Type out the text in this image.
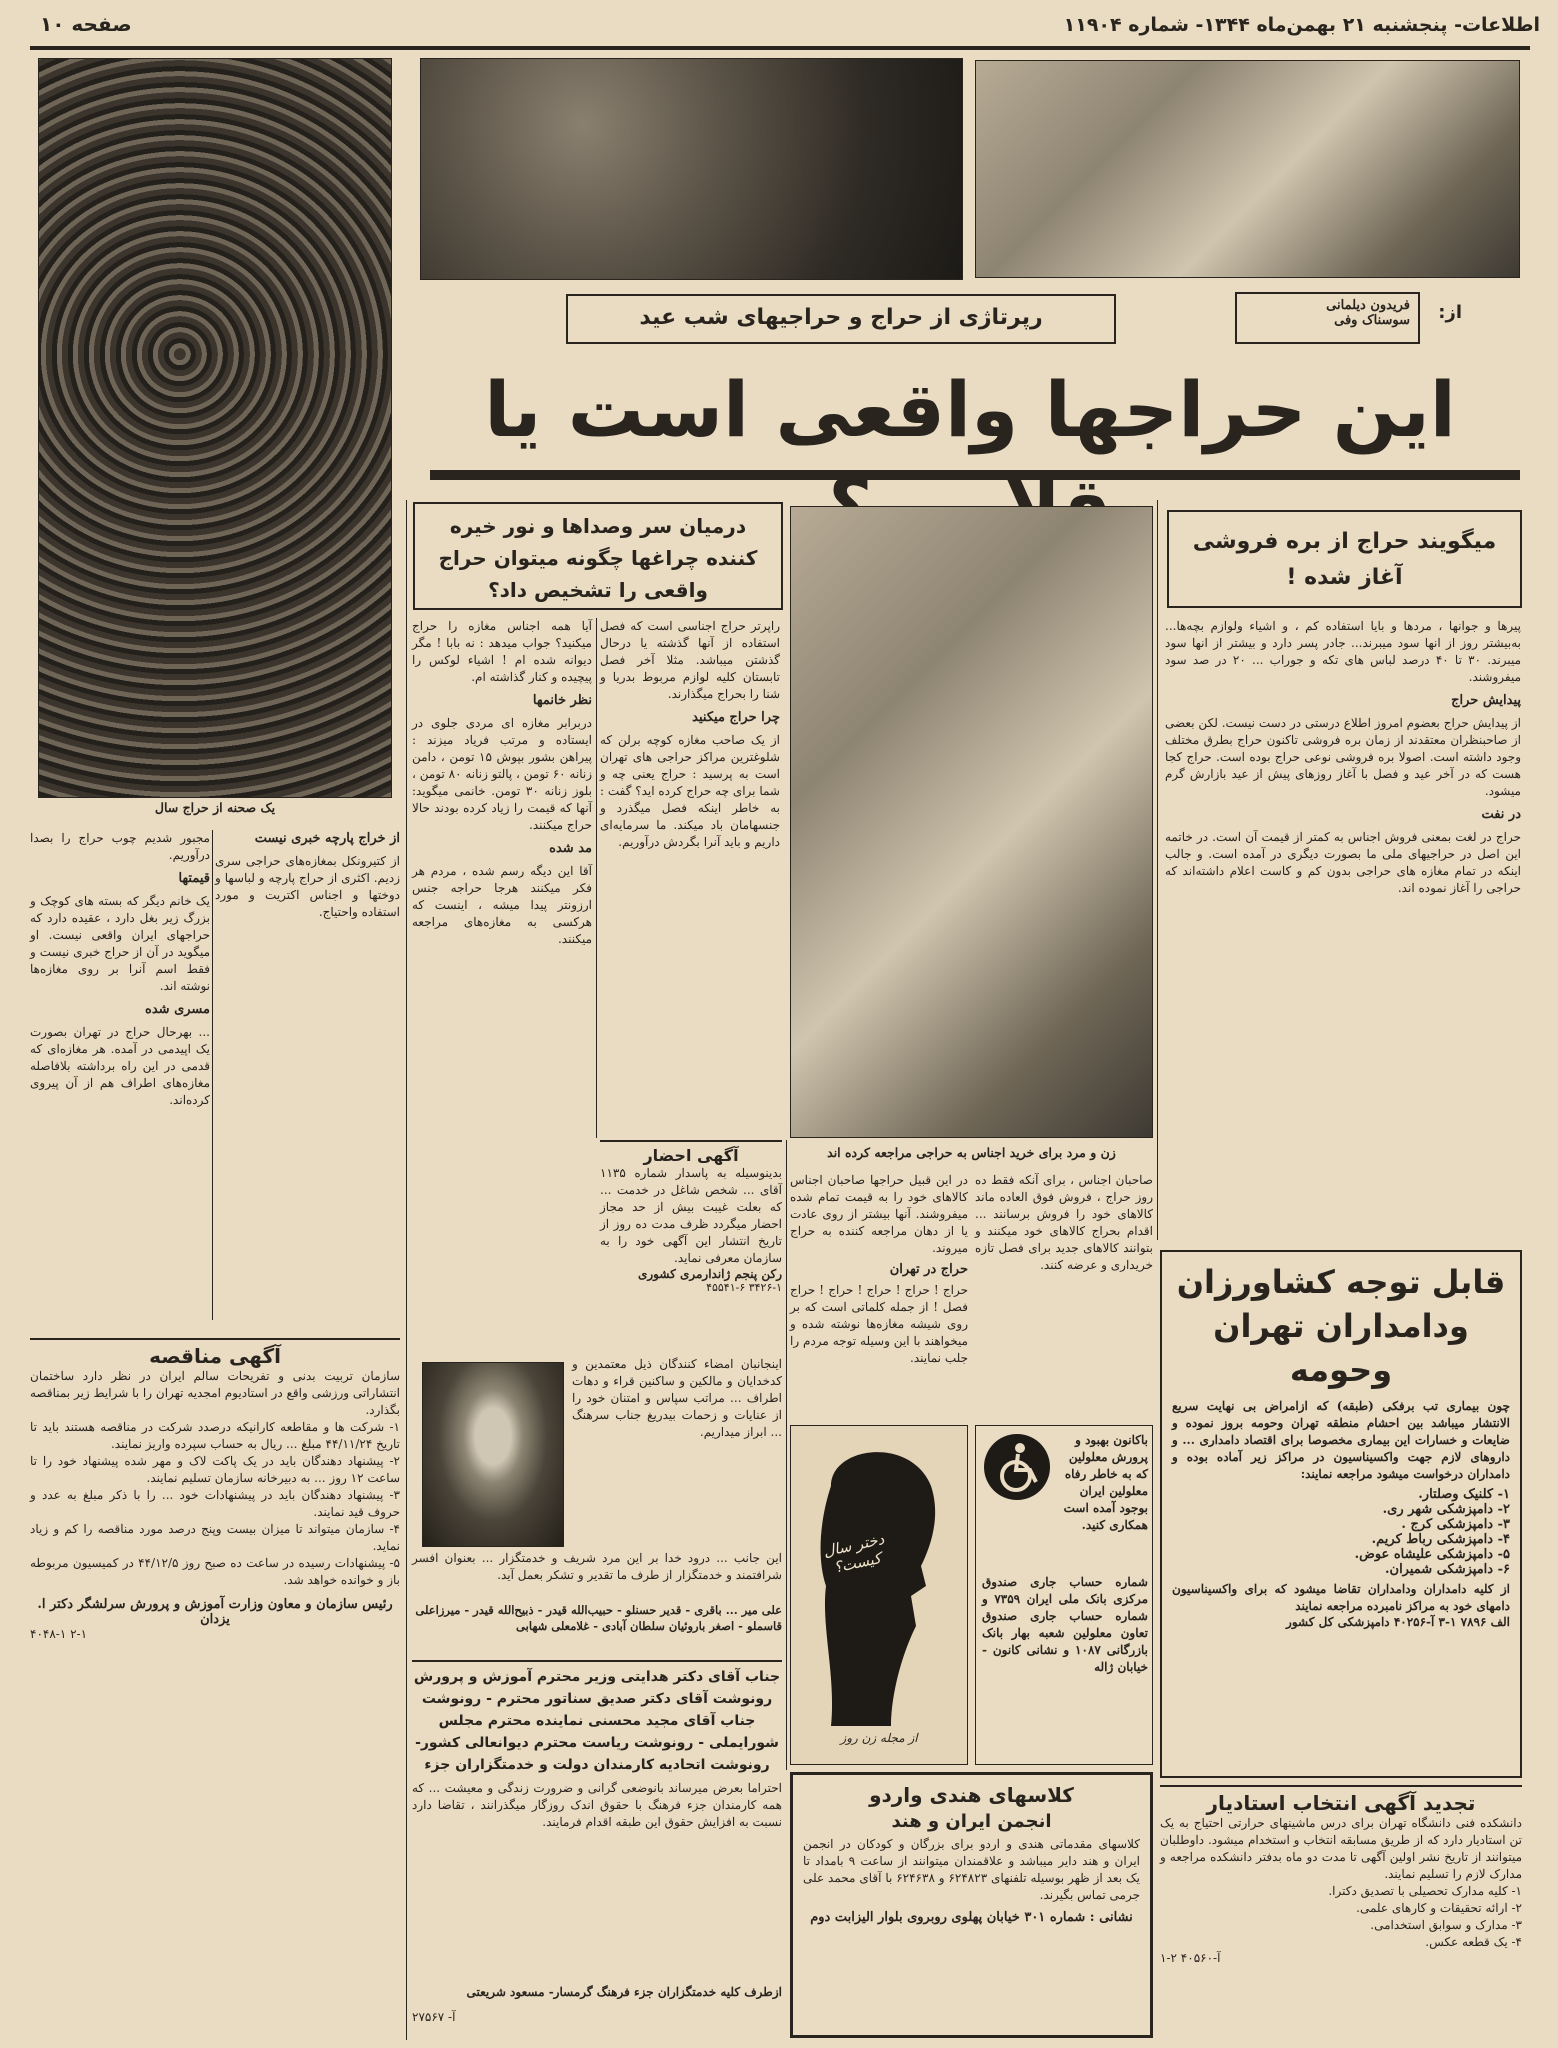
اطلاعات- پنجشنبه ۲۱ بهمن‌ماه ۱۳۴۴- شماره ۱۱۹۰۴
صفحه ۱۰
یک صحنه از حراج سال
فریدون دیلمانی
سوسناک وفی	از:
رپرتاژی از حراج و حراجیهای شب عید
این حراجها واقعی است یا
میگویند حراج از بره فروشی آغاز شده !
درمیان سر وصداها و نور خیره کننده چراغها چگونه میتوان حراج واقعی را تشخیص داد؟
زن و مرد برای خرید اجناس به حراجی مراجعه کرده اند
پیرها و جوانها ، مردها و بایا استفاده کم ، و اشیاء ولوازم بچه‌ها... به‌بیشتر روز از انها سود میبرند... جادر پسر دارد و بیشتر از انها سود میبرند. ۳۰ تا ۴۰ درصد لباس های تکه و جوراب ... ۲۰ در صد سود میفروشند.
پیدایش حراج
از پیدایش حراج بعضوم امروز اطلاع درستی در دست نیست. لکن بعضی از صاحبنظران معتقدند از زمان بره فروشی تاکنون حراج بطرق مختلف وجود داشته است. اصولا بره فروشی نوعی حراج بوده است. حراج کجا هست که در آخر عید و فصل با آغاز روزهای پیش از عید بازارش گرم میشود.
در نفت
حراج در لغت بمعنی فروش اجناس به کمتر از قیمت آن است. در خاتمه این اصل در حراجیهای ملی ما بصورت دیگری در آمده است. و جالب اینکه در تمام مغازه های حراجی بدون کم و کاست اعلام داشته‌اند که حراجی را آغاز نموده اند.
راپرتر حراج اجناسی است که فصل استفاده از آنها گذشته یا درحال گذشتن میباشد. مثلا آخر فصل تابستان کلیه لوازم مربوط بدریا و شنا را بحراج میگذارند.
چرا حراج میکنید
از یک صاحب مغازه کوچه برلن که شلوغترین مراکز حراجی های تهران است به پرسید : حراج یعنی چه و شما برای چه حراج کرده اید؟ گفت : به خاطر اینکه فصل میگذرد و جنسهامان باد میکند. ما سرمایه‌ای داریم و باید آنرا بگردش درآوریم.
آیا همه اجناس مغازه را حراج میکنید؟ جواب میدهد : نه بابا ! مگر دیوانه شده ام ! اشیاء لوکس را پیچیده و کنار گذاشته ام.
نظر خانمها
دربرابر مغازه ای مردی جلوی در ایستاده و مرتب فریاد میزند : پیراهن بشور بپوش ۱۵ تومن ، دامن زنانه ۶۰ تومن ، پالتو زنانه ۸۰ تومن ، بلوز زنانه ۳۰ تومن. خانمی میگوید: آنها که قیمت را زیاد کرده بودند حالا حراج میکنند.
مد شده
آقا این دیگه رسم شده ، مردم هر فکر میکنند هرجا حراجه جنس ارزونتر پیدا میشه ، اینست که هرکسی به مغازه‌های مراجعه میکنند.
مجبور شدیم چوب حراج را بصدا درآوریم.
قیمتها
یک خانم دیگر که بسته های کوچک و بزرگ زیر بغل دارد ، عقیده دارد که حراجهای ایران واقعی نیست. او میگوید در آن از حراج خبری نیست و فقط اسم آنرا بر روی مغازه‌ها نوشته اند.
مسری شده
... بهرحال حراج در تهران بصورت یک اپیدمی در آمده. هر مغازه‌ای که قدمی در این راه برداشته بلافاصله مغازه‌های اطراف هم از آن پیروی کرده‌اند.
از خراج پارچه خبری نیست
از کتیرونکل بمغازه‌های حراجی سری زدیم. اکثری از حراج پارچه و لباسها و دوختها و اجناس اکتریت و مورد استفاده واحتیاج.
آگهی احضار
بدینوسیله به پاسدار شماره ۱۱۳۵ آقای ... شخص شاغل در خدمت ... که بعلت غیبت بیش از حد مجاز احضار میگردد ظرف مدت ده روز از تاریخ انتشار این آگهی خود را به سازمان معرفی نماید.
رکن پنجم ژاندارمری کشوری
۳۴۲۶-۱ ۴۵۵۴۱-۶
صاحبان اجناس ، برای آنکه فقط ده روز حراج ، فروش فوق العاده ماند کالاهای خود را فروش برسانند ... اقدام بحراج کالاهای خود میکنند و بتوانند کالاهای جدید برای فصل تازه خریداری و عرضه کنند.
در این قبیل حراجها صاحبان اجناس کالاهای خود را به قیمت تمام شده میفروشند. آنها بیشتر از روی عادت یا از دهان مراجعه کننده به حراج میروند.
حراج در تهران
حراج ! حراج ! حراج ! حراج ! حراج فصل ! از جمله کلماتی است که بر روی شیشه مغازه‌ها نوشته شده و میخواهند با این وسیله توجه مردم را جلب نمایند.
آگهی مناقصه
سازمان تربیت بدنی و تفریحات سالم ایران در نظر دارد ساختمان انتشاراتی ورزشی واقع در استادیوم امجدیه تهران را با شرایط زیر بمناقصه بگذارد.
۱- شرکت ها و مقاطعه کارانیکه درصدد شرکت در مناقصه هستند باید تا تاریخ ۴۴/۱۱/۲۴ مبلغ ... ریال به حساب سپرده واریز نمایند.
۲- پیشنهاد دهندگان باید در یک پاکت لاک و مهر شده پیشنهاد خود را تا ساعت ۱۲ روز ... به دبیرخانه سازمان تسلیم نمایند.
۳- پیشنهاد دهندگان باید در پیشنهادات خود ... را با ذکر مبلغ به عدد و حروف قید نمایند.
۴- سازمان میتواند تا میزان بیست وپنج درصد مورد مناقصه را کم و زیاد نماید.
۵- پیشنهادات رسیده در ساعت ده صبح روز ۴۴/۱۲/۵ در کمیسیون مربوطه باز و خوانده خواهد شد.
رئیس سازمان و معاون وزارت آموزش و پرورش سرلشگر دکتر ا. یزدان
۲-۱ ۴۰۴۸-۱
اینجانبان امضاء کنندگان ذیل معتمدین و کدخدایان و مالکین و ساکنین قراء و دهات اطراف ... مراتب سپاس و امتنان خود را از عنایات و زحمات بیدریغ جناب سرهنگ ... ابراز میداریم.
این جانب ... درود خدا بر این مرد شریف و خدمتگزار ... بعنوان افسر شرافتمند و خدمتگزار از طرف ما تقدیر و تشکر بعمل آید.
علی میر ... باقری - قدیر حسنلو - حبیب‌الله قیدر - ذبیح‌الله قیدر - میرزاعلی قاسملو - اصغر باروئیان سلطان آبادی - غلامعلی شهابی
جناب آقای دکتر هدایتی وزیر محترم آموزش و پرورش رونوشت آقای دکتر صدیق سناتور محترم - رونوشت جناب آقای مجید محسنی نماینده محترم مجلس شورایملی - رونوشت ریاست محترم دیوانعالی کشور- رونوشت اتحادیه کارمندان دولت و خدمتگزاران جزء
احتراما بعرض میرساند بانوضعی گرانی و ضرورت زندگی و معیشت ... که همه کارمندان جزء فرهنگ با حقوق اندک روزگار میگذرانند ، تقاضا دارد نسبت به افزایش حقوق این طبقه اقدام فرمایند.
ازطرف کلیه خدمتگزاران جزء فرهنگ گرمسار- مسعود شریعتی
آ- ۲۷۵۶۷
دختر سال کیست؟
از مجله زن روز
باکانون بهبود و پرورش معلولین که به خاطر رفاه معلولین ایران بوجود آمده است همکاری کنید.
شماره حساب جاری صندوق مرکزی بانک ملی ایران ۷۳۵۹ و شماره حساب جاری صندوق تعاون معلولین شعبه بهار بانک بازرگانی ۱۰۸۷ و نشانی کانون - خیابان ژاله
قابل توجه کشاورزان
ودامداران تهران وحومه
چون بیماری تب برفکی (طبقه) که ازامراض بی نهایت سریع الانتشار میباشد بین احشام منطقه تهران وحومه بروز نموده و ضایعات و خسارات این بیماری مخصوصا برای اقتصاد دامداری ... و داروهای لازم جهت واکسیناسیون در مراکز زیر آماده بوده و دامداران درخواست میشود مراجعه نمایند:
۱- کلنیک وصلتار.
۲- دامپزشکی شهر ری.
۳- دامپزشکی کرج .
۴- دامپزشکی رباط کریم.
۵- دامپزشکی علیشاه عوض.
۶- دامپزشکی شمیران.
از کلیه دامداران ودامداران تقاضا میشود که برای واکسیناسیون دامهای خود به مراکز نامبرده مراجعه نمایند
الف ۷۸۹۶ ۱-۳ آ-۴۰۲۵۶ دامپزشکی کل کشور
کلاسهای هندی واردو
انجمن ایران و هند
کلاسهای مقدماتی هندی و اردو برای بزرگان و کودکان در انجمن ایران و هند دایر میباشد و علاقمندان میتوانند از ساعت ۹ بامداد تا یک بعد از ظهر بوسیله تلفنهای ۶۲۴۸۲۳ و ۶۲۴۶۳۸ با آقای محمد علی جرمی تماس بگیرند.
نشانی : شماره ۳۰۱ خیابان پهلوی روبروی بلوار الیزابت دوم
تجدید آگهی انتخاب استادیار
دانشکده فنی دانشگاه تهران برای درس ماشینهای حرارتی احتیاج به یک تن استادیار دارد که از طریق مسابقه انتخاب و استخدام میشود. داوطلبان میتوانند از تاریخ نشر اولین آگهی تا مدت دو ماه بدفتر دانشکده مراجعه و مدارک لازم را تسلیم نمایند.
۱- کلیه مدارک تحصیلی با تصدیق دکترا.
۲- ارائه تحقیقات و کارهای علمی.
۳- مدارک و سوابق استخدامی.
۴- یک قطعه عکس.
آ-۴۰۵۶۰ ۲-۱
